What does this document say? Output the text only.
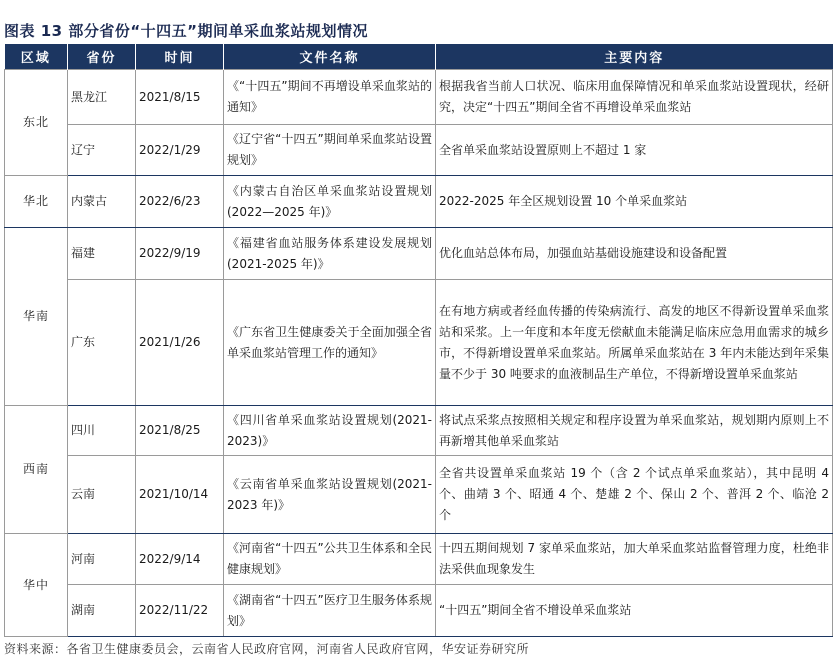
图表 13 部分省份“十四五”期间单采血浆站规划情况
区域	省份	时间	文件名称	主要内容
东北	黑龙江	2021/8/15	《“十四五”期间不再增设单采血浆站的通知》	根据我省当前人口状况、临床用血保障情况和单采血浆站设置现状，经研究，决定“十四五”期间全省不再增设单采血浆站
	辽宁	2022/1/29	《辽宁省“十四五”期间单采血浆站设置规划》	全省单采血浆站设置原则上不超过 1 家
华北	内蒙古	2022/6/23	《内蒙古自治区单采血浆站设置规划(2022—2025 年)》	2022-2025 年全区规划设置 10 个单采血浆站
华南	福建	2022/9/19	《福建省血站服务体系建设发展规划(2021-2025 年)》	优化血站总体布局，加强血站基础设施建设和设备配置
	广东	2021/1/26	《广东省卫生健康委关于全面加强全省单采血浆站管理工作的通知》	在有地方病或者经血传播的传染病流行、高发的地区不得新设置单采血浆站和采浆。上一年度和本年度无偿献血未能满足临床应急用血需求的城乡市，不得新增设置单采血浆站。所属单采血浆站在 3 年内未能达到年采集量不少于 30 吨要求的血液制品生产单位，不得新增设置单采血浆站
西南	四川	2021/8/25	《四川省单采血浆站设置规划(2021-2023)》	将试点采浆点按照相关规定和程序设置为单采血浆站，规划期内原则上不再新增其他单采血浆站
	云南	2021/10/14	《云南省单采血浆站设置规划(2021-2023 年)》	全省共设置单采血浆站 19 个（含 2 个试点单采血浆站），其中昆明 4 个、曲靖 3 个、昭通 4 个、楚雄 2 个、保山 2 个、普洱 2 个、临沧 2 个
华中	河南	2022/9/14	《河南省“十四五”公共卫生体系和全民健康规划》	十四五期间规划 7 家单采血浆站，加大单采血浆站监督管理力度，杜绝非法采供血现象发生
	湖南	2022/11/22	《湖南省“十四五”医疗卫生服务体系规划》	“十四五”期间全省不增设单采血浆站
资料来源：各省卫生健康委员会，云南省人民政府官网，河南省人民政府官网，华安证券研究所
